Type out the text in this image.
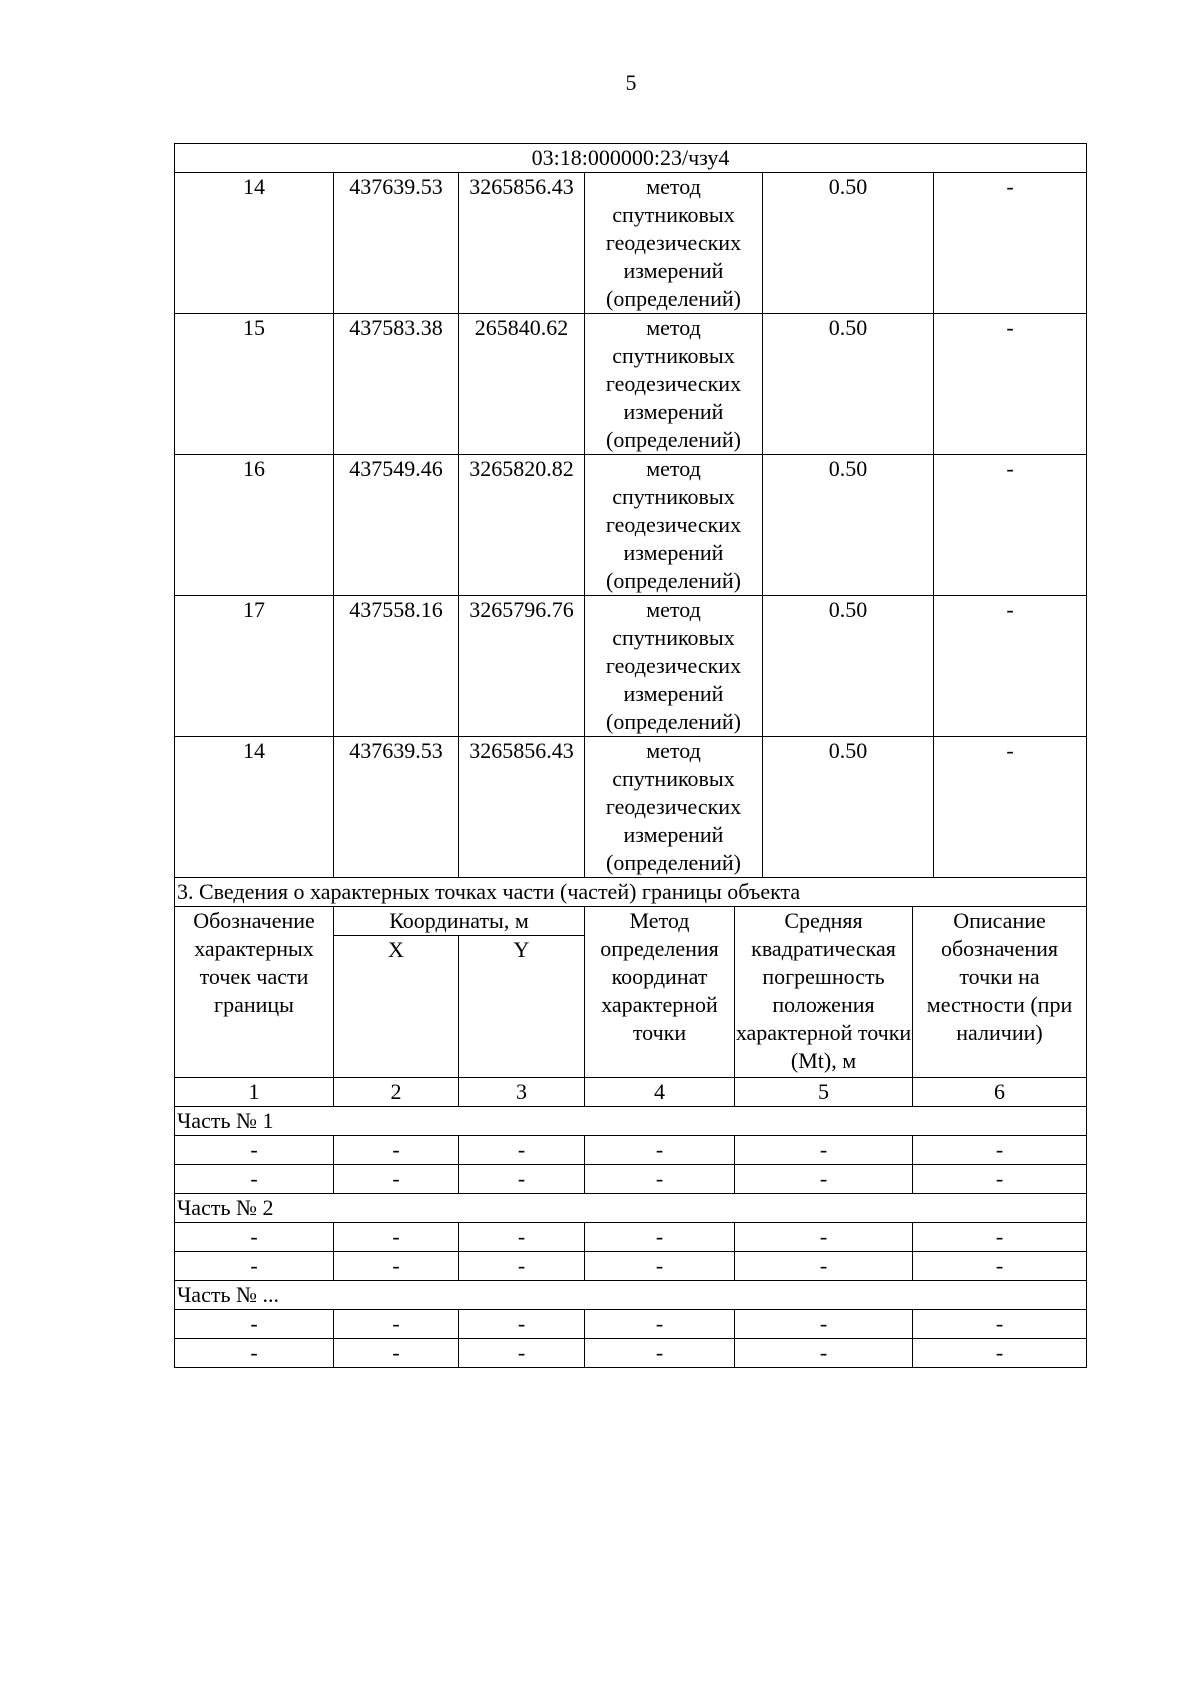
5
03:18:000000:23/чзу4					
14	437639.53	3265856.43	метод спутниковых геодезических измерений (определений)	0.50	-
15	437583.38	265840.62	метод спутниковых геодезических измерений (определений)	0.50	-
16	437549.46	3265820.82	метод спутниковых геодезических измерений (определений)	0.50	-
17	437558.16	3265796.76	метод спутниковых геодезических измерений (определений)	0.50	-
14	437639.53	3265856.43	метод спутниковых геодезических измерений (определений)	0.50	-
3. Сведения о характерных точках части (частей) границы объекта					
Обозначение характерных точек части границы	Координаты, м		Метод определения координат характерной точки	Средняя квадратическая погрешность положения характерной точки (Mt), м	Описание обозначения точки на местности (при наличии)
	X	Y			
1	2	3	4	5	6
Часть № 1					
-	-	-	-	-	-
-	-	-	-	-	-
Часть № 2					
-	-	-	-	-	-
-	-	-	-	-	-
Часть № ...					
-	-	-	-	-	-
-	-	-	-	-	-
